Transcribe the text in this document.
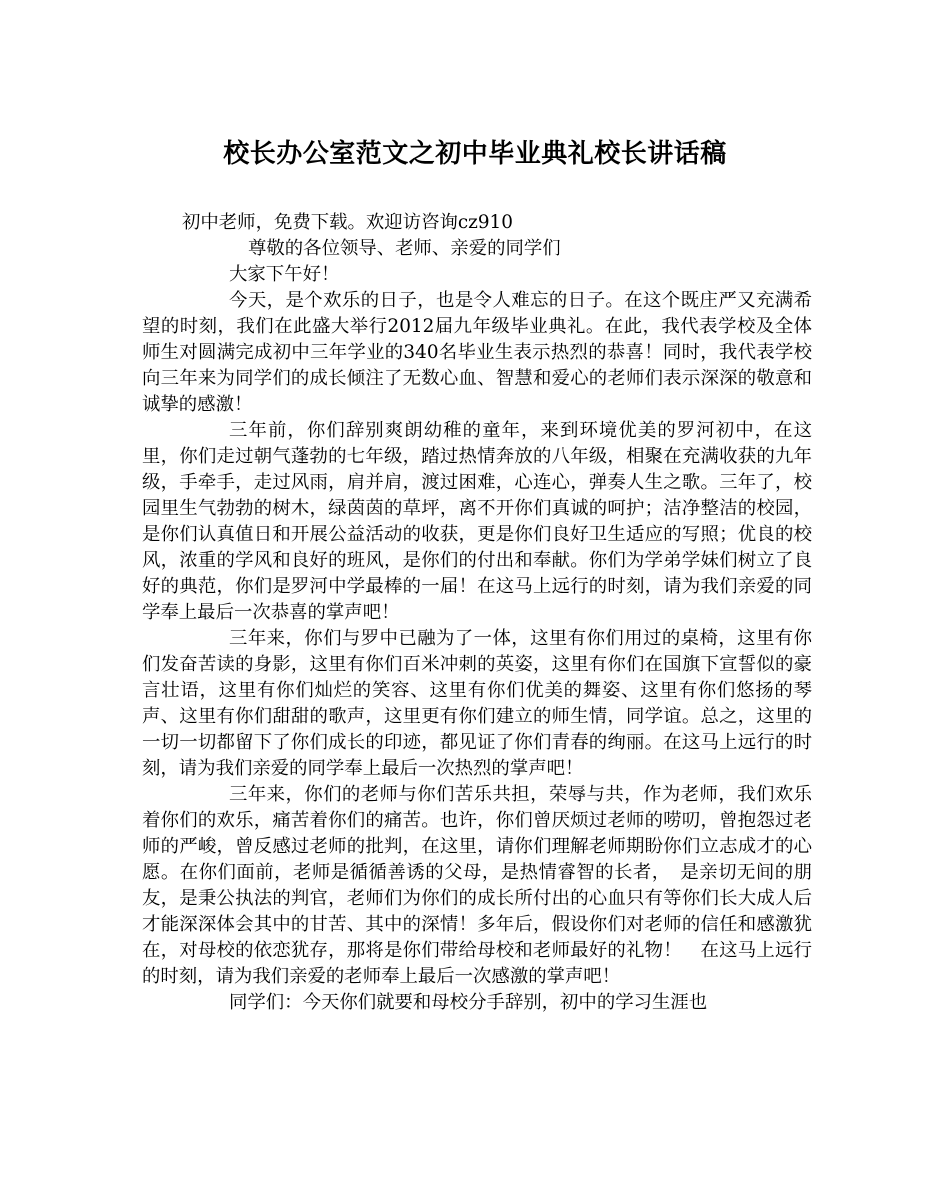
校长办公室范文之初中毕业典礼校长讲话稿

初中老师，免费下载。欢迎访咨询cz910

尊敬的各位领导、老师、亲爱的同学们

大家下午好！

今天，是个欢乐的日子，也是令人难忘的日子。在这个既庄严又充满希望的时刻，我们在此盛大举行2012届九年级毕业典礼。在此，我代表学校及全体师生对圆满完成初中三年学业的340名毕业生表示热烈的恭喜！同时，我代表学校向三年来为同学们的成长倾注了无数心血、智慧和爱心的老师们表示深深的敬意和诚挚的感激！

三年前，你们辞别爽朗幼稚的童年，来到环境优美的罗河初中，在这里，你们走过朝气蓬勃的七年级，踏过热情奔放的八年级，相聚在充满收获的九年级，手牵手，走过风雨，肩并肩，渡过困难，心连心，弹奏人生之歌。三年了，校园里生气勃勃的树木，绿茵茵的草坪，离不开你们真诚的呵护；洁净整洁的校园，是你们认真值日和开展公益活动的收获，更是你们良好卫生适应的写照；优良的校风，浓重的学风和良好的班风，是你们的付出和奉献。你们为学弟学妹们树立了良好的典范，你们是罗河中学最棒的一届！在这马上远行的时刻，请为我们亲爱的同学奉上最后一次恭喜的掌声吧！

三年来，你们与罗中已融为了一体，这里有你们用过的桌椅，这里有你们发奋苦读的身影，这里有你们百米冲刺的英姿，这里有你们在国旗下宣誓似的豪言壮语，这里有你们灿烂的笑容、这里有你们优美的舞姿、这里有你们悠扬的琴声、这里有你们甜甜的歌声，这里更有你们建立的师生情，同学谊。总之，这里的一切一切都留下了你们成长的印迹，都见证了你们青春的绚丽。在这马上远行的时刻，请为我们亲爱的同学奉上最后一次热烈的掌声吧！

三年来，你们的老师与你们苦乐共担，荣辱与共，作为老师，我们欢乐着你们的欢乐，痛苦着你们的痛苦。也许，你们曾厌烦过老师的唠叨，曾抱怨过老师的严峻，曾反感过老师的批判，在这里，请你们理解老师期盼你们立志成才的心愿。在你们面前，老师是循循善诱的父母，是热情睿智的长者，　是亲切无间的朋友，是秉公执法的判官，老师们为你们的成长所付出的心血只有等你们长大成人后才能深深体会其中的甘苦、其中的深情！多年后，假设你们对老师的信任和感激犹在，对母校的依恋犹存，那将是你们带给母校和老师最好的礼物！　在这马上远行的时刻，请为我们亲爱的老师奉上最后一次感激的掌声吧！

同学们：今天你们就要和母校分手辞别，初中的学习生涯也
